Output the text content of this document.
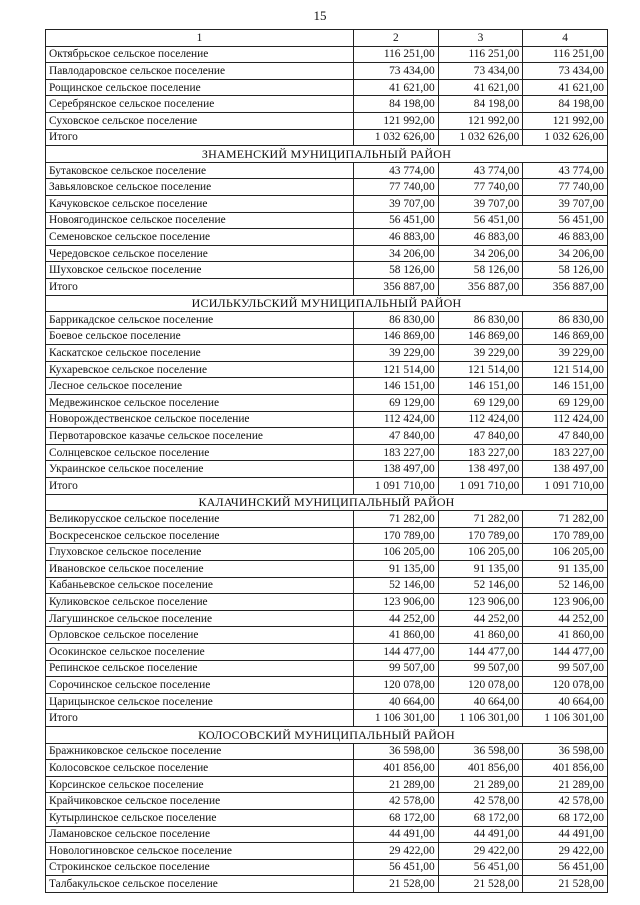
15
1	2	3	4
Октябрьское сельское поселение	116 251,00	116 251,00	116 251,00
Павлодаровское сельское поселение	73 434,00	73 434,00	73 434,00
Рощинское сельское поселение	41 621,00	41 621,00	41 621,00
Серебрянское сельское поселение	84 198,00	84 198,00	84 198,00
Суховское сельское поселение	121 992,00	121 992,00	121 992,00
Итого	1 032 626,00	1 032 626,00	1 032 626,00
ЗНАМЕНСКИЙ МУНИЦИПАЛЬНЫЙ РАЙОН			
Бутаковское сельское поселение	43 774,00	43 774,00	43 774,00
Завьяловское сельское поселение	77 740,00	77 740,00	77 740,00
Качуковское сельское поселение	39 707,00	39 707,00	39 707,00
Новоягодинское сельское поселение	56 451,00	56 451,00	56 451,00
Семеновское сельское поселение	46 883,00	46 883,00	46 883,00
Чередовское сельское поселение	34 206,00	34 206,00	34 206,00
Шуховское сельское поселение	58 126,00	58 126,00	58 126,00
Итого	356 887,00	356 887,00	356 887,00
ИСИЛЬКУЛЬСКИЙ МУНИЦИПАЛЬНЫЙ РАЙОН			
Баррикадское сельское поселение	86 830,00	86 830,00	86 830,00
Боевое сельское поселение	146 869,00	146 869,00	146 869,00
Каскатское сельское поселение	39 229,00	39 229,00	39 229,00
Кухаревское сельское поселение	121 514,00	121 514,00	121 514,00
Лесное сельское поселение	146 151,00	146 151,00	146 151,00
Медвежинское сельское поселение	69 129,00	69 129,00	69 129,00
Новорождественское сельское поселение	112 424,00	112 424,00	112 424,00
Первотаровское казачье сельское поселение	47 840,00	47 840,00	47 840,00
Солнцевское сельское поселение	183 227,00	183 227,00	183 227,00
Украинское сельское поселение	138 497,00	138 497,00	138 497,00
Итого	1 091 710,00	1 091 710,00	1 091 710,00
КАЛАЧИНСКИЙ МУНИЦИПАЛЬНЫЙ РАЙОН			
Великорусское сельское поселение	71 282,00	71 282,00	71 282,00
Воскресенское сельское поселение	170 789,00	170 789,00	170 789,00
Глуховское сельское поселение	106 205,00	106 205,00	106 205,00
Ивановское сельское поселение	91 135,00	91 135,00	91 135,00
Кабаньевское сельское поселение	52 146,00	52 146,00	52 146,00
Куликовское сельское поселение	123 906,00	123 906,00	123 906,00
Лагушинское сельское поселение	44 252,00	44 252,00	44 252,00
Орловское сельское поселение	41 860,00	41 860,00	41 860,00
Осокинское сельское поселение	144 477,00	144 477,00	144 477,00
Репинское сельское поселение	99 507,00	99 507,00	99 507,00
Сорочинское сельское поселение	120 078,00	120 078,00	120 078,00
Царицынское сельское поселение	40 664,00	40 664,00	40 664,00
Итого	1 106 301,00	1 106 301,00	1 106 301,00
КОЛОСОВСКИЙ МУНИЦИПАЛЬНЫЙ РАЙОН			
Бражниковское сельское поселение	36 598,00	36 598,00	36 598,00
Колосовское сельское поселение	401 856,00	401 856,00	401 856,00
Корсинское сельское поселение	21 289,00	21 289,00	21 289,00
Крайчиковское сельское поселение	42 578,00	42 578,00	42 578,00
Кутырлинское сельское поселение	68 172,00	68 172,00	68 172,00
Ламановское сельское поселение	44 491,00	44 491,00	44 491,00
Новологиновское сельское поселение	29 422,00	29 422,00	29 422,00
Строкинское сельское поселение	56 451,00	56 451,00	56 451,00
Талбакульское сельское поселение	21 528,00	21 528,00	21 528,00
